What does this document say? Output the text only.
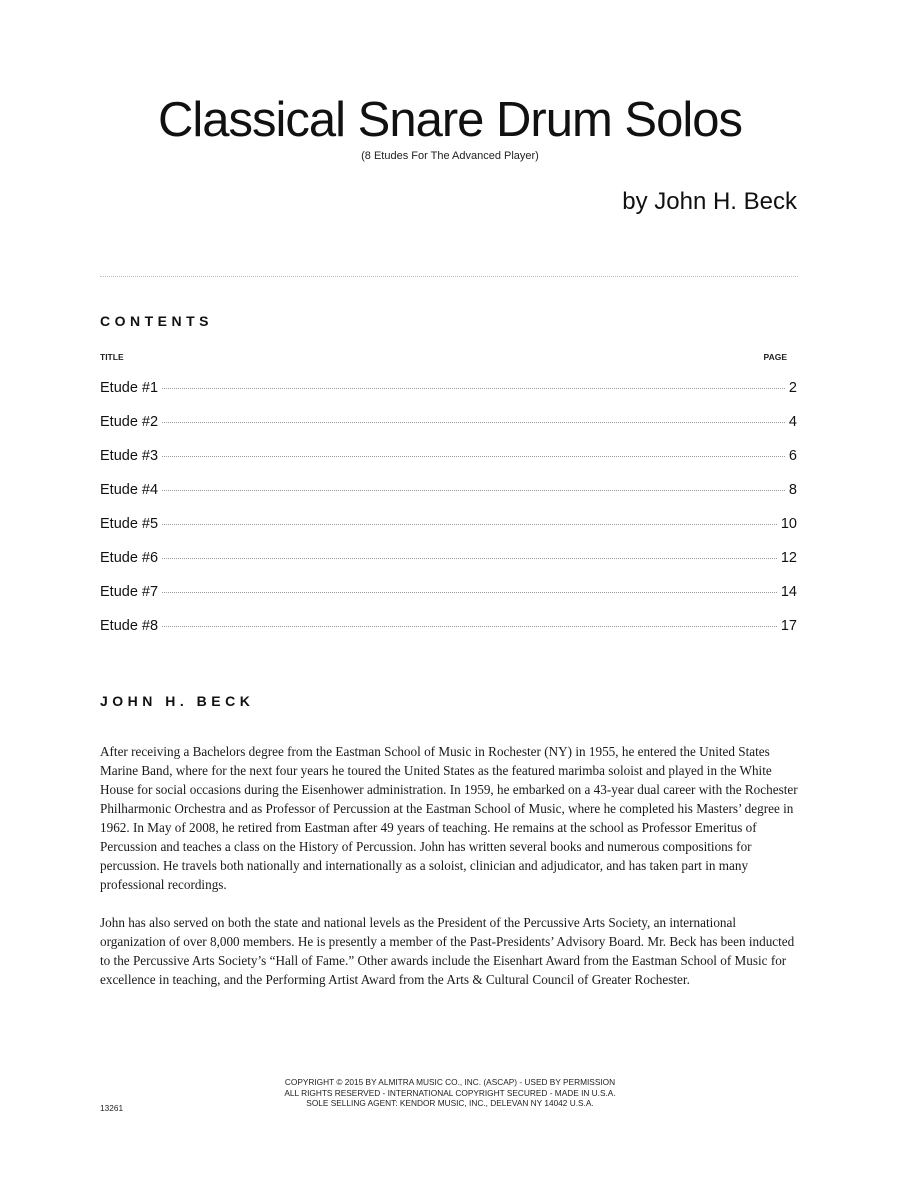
Classical Snare Drum Solos
(8 Etudes For The Advanced Player)
by John H. Beck
CONTENTS
TITLE	PAGE
Etude #1	2
Etude #2	4
Etude #3	6
Etude #4	8
Etude #5	10
Etude #6	12
Etude #7	14
Etude #8	17
JOHN H. BECK

After receiving a Bachelors degree from the Eastman School of Music in Rochester (NY) in 1955, he entered the United States Marine Band, where for the next four years he toured the United States as the featured marimba soloist and played in the White House for social occasions during the Eisenhower administration. In 1959, he embarked on a 43-year dual career with the Rochester Philharmonic Orchestra and as Professor of Percussion at the Eastman School of Music, where he completed his Masters’ degree in 1962. In May of 2008, he retired from Eastman after 49 years of teaching. He remains at the school as Professor Emeritus of Percussion and teaches a class on the History of Percussion. John has written several books and numerous compositions for percussion. He travels both nationally and internationally as a soloist, clinician and adjudicator, and has taken part in many professional recordings.

John has also served on both the state and national levels as the President of the Percussive Arts Society, an international organization of over 8,000 members. He is presently a member of the Past-Presidents’ Advisory Board. Mr. Beck has been inducted to the Percussive Arts Society’s “Hall of Fame.” Other awards include the Eisenhart Award from the Eastman School of Music for excellence in teaching, and the Performing Artist Award from the Arts & Cultural Council of Greater Rochester.

COPYRIGHT © 2015 BY ALMITRA MUSIC CO., INC. (ASCAP) - USED BY PERMISSION
ALL RIGHTS RESERVED - INTERNATIONAL COPYRIGHT SECURED - MADE IN U.S.A.
SOLE SELLING AGENT: KENDOR MUSIC, INC., DELEVAN NY 14042 U.S.A.
13261
